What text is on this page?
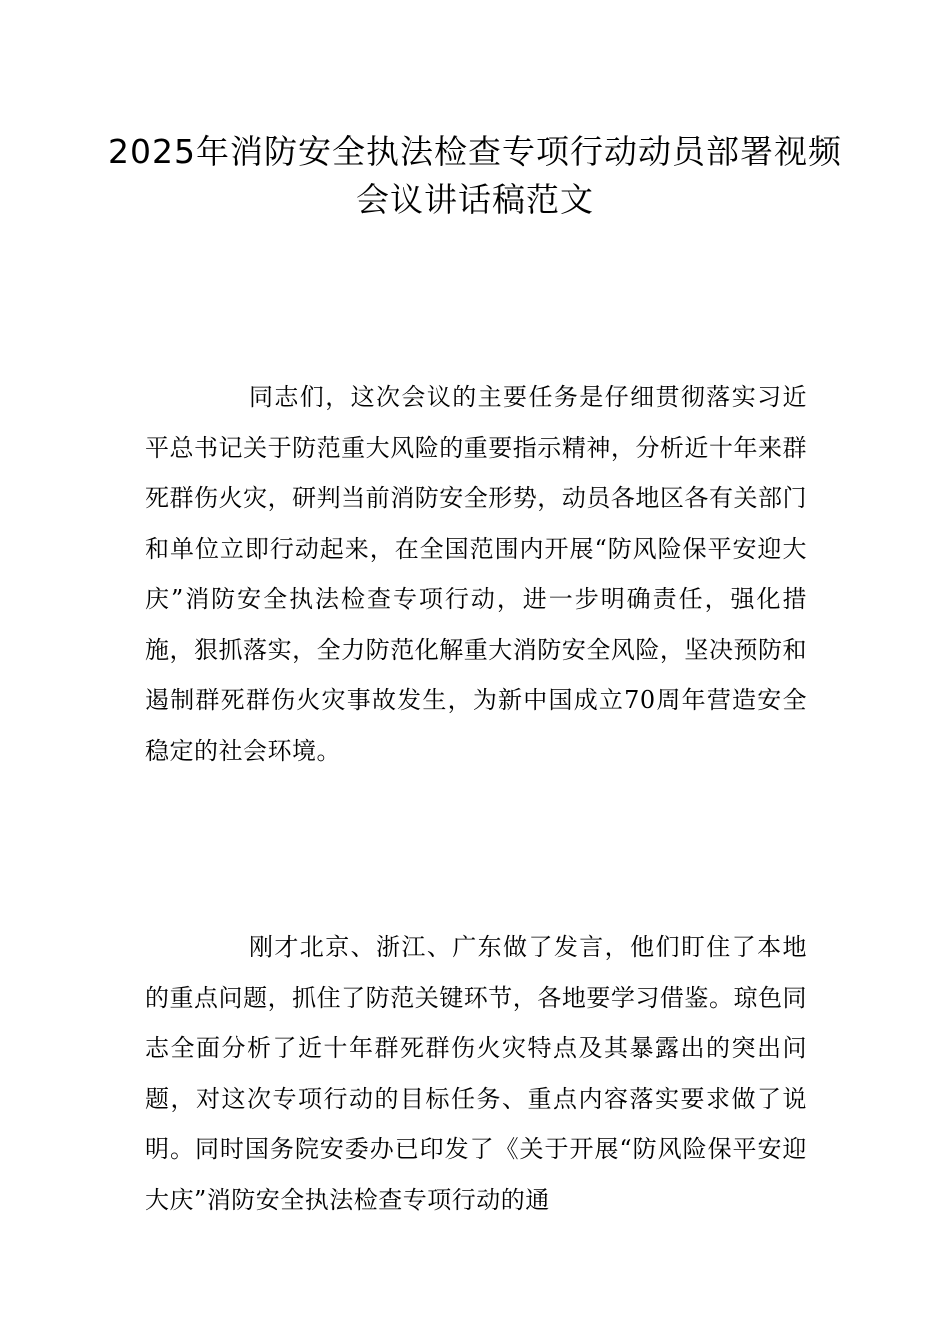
2025年消防安全执法检查专项行动动员部署视频会议讲话稿范文

同志们，这次会议的主要任务是仔细贯彻落实习近平总书记关于防范重大风险的重要指示精神，分析近十年来群死群伤火灾，研判当前消防安全形势，动员各地区各有关部门和单位立即行动起来，在全国范围内开展“防风险保平安迎大庆”消防安全执法检查专项行动，进一步明确责任，强化措施，狠抓落实，全力防范化解重大消防安全风险，坚决预防和遏制群死群伤火灾事故发生，为新中国成立70周年营造安全稳定的社会环境。

刚才北京、浙江、广东做了发言，他们盯住了本地的重点问题，抓住了防范关键环节，各地要学习借鉴。琼色同志全面分析了近十年群死群伤火灾特点及其暴露出的突出问题，对这次专项行动的目标任务、重点内容落实要求做了说明。同时国务院安委办已印发了《关于开展“防风险保平安迎大庆”消防安全执法检查专项行动的通
